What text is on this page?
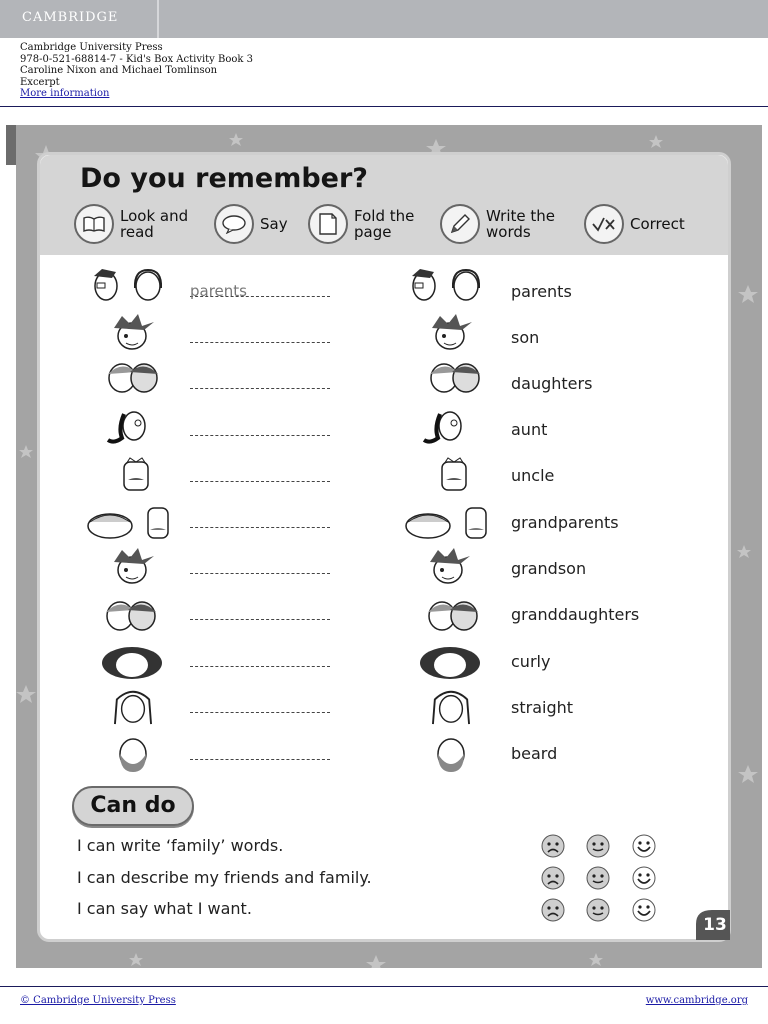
CAMBRIDGE
Cambridge University Press
978-0-521-68814-7 - Kid's Box Activity Book 3
Caroline Nixon and Michael Tomlinson
Excerpt
More information
Do you remember?
Look and read	Say	Fold the page
Write the words	Correct
parents	parents
son
daughters
aunt
uncle
grandparents
grandson
granddaughters
curly
straight
beard
Can do
I can write ‘family’ words.
I can describe my friends and family.
I can say what I want.
13
© Cambridge University Press	www.cambridge.org
